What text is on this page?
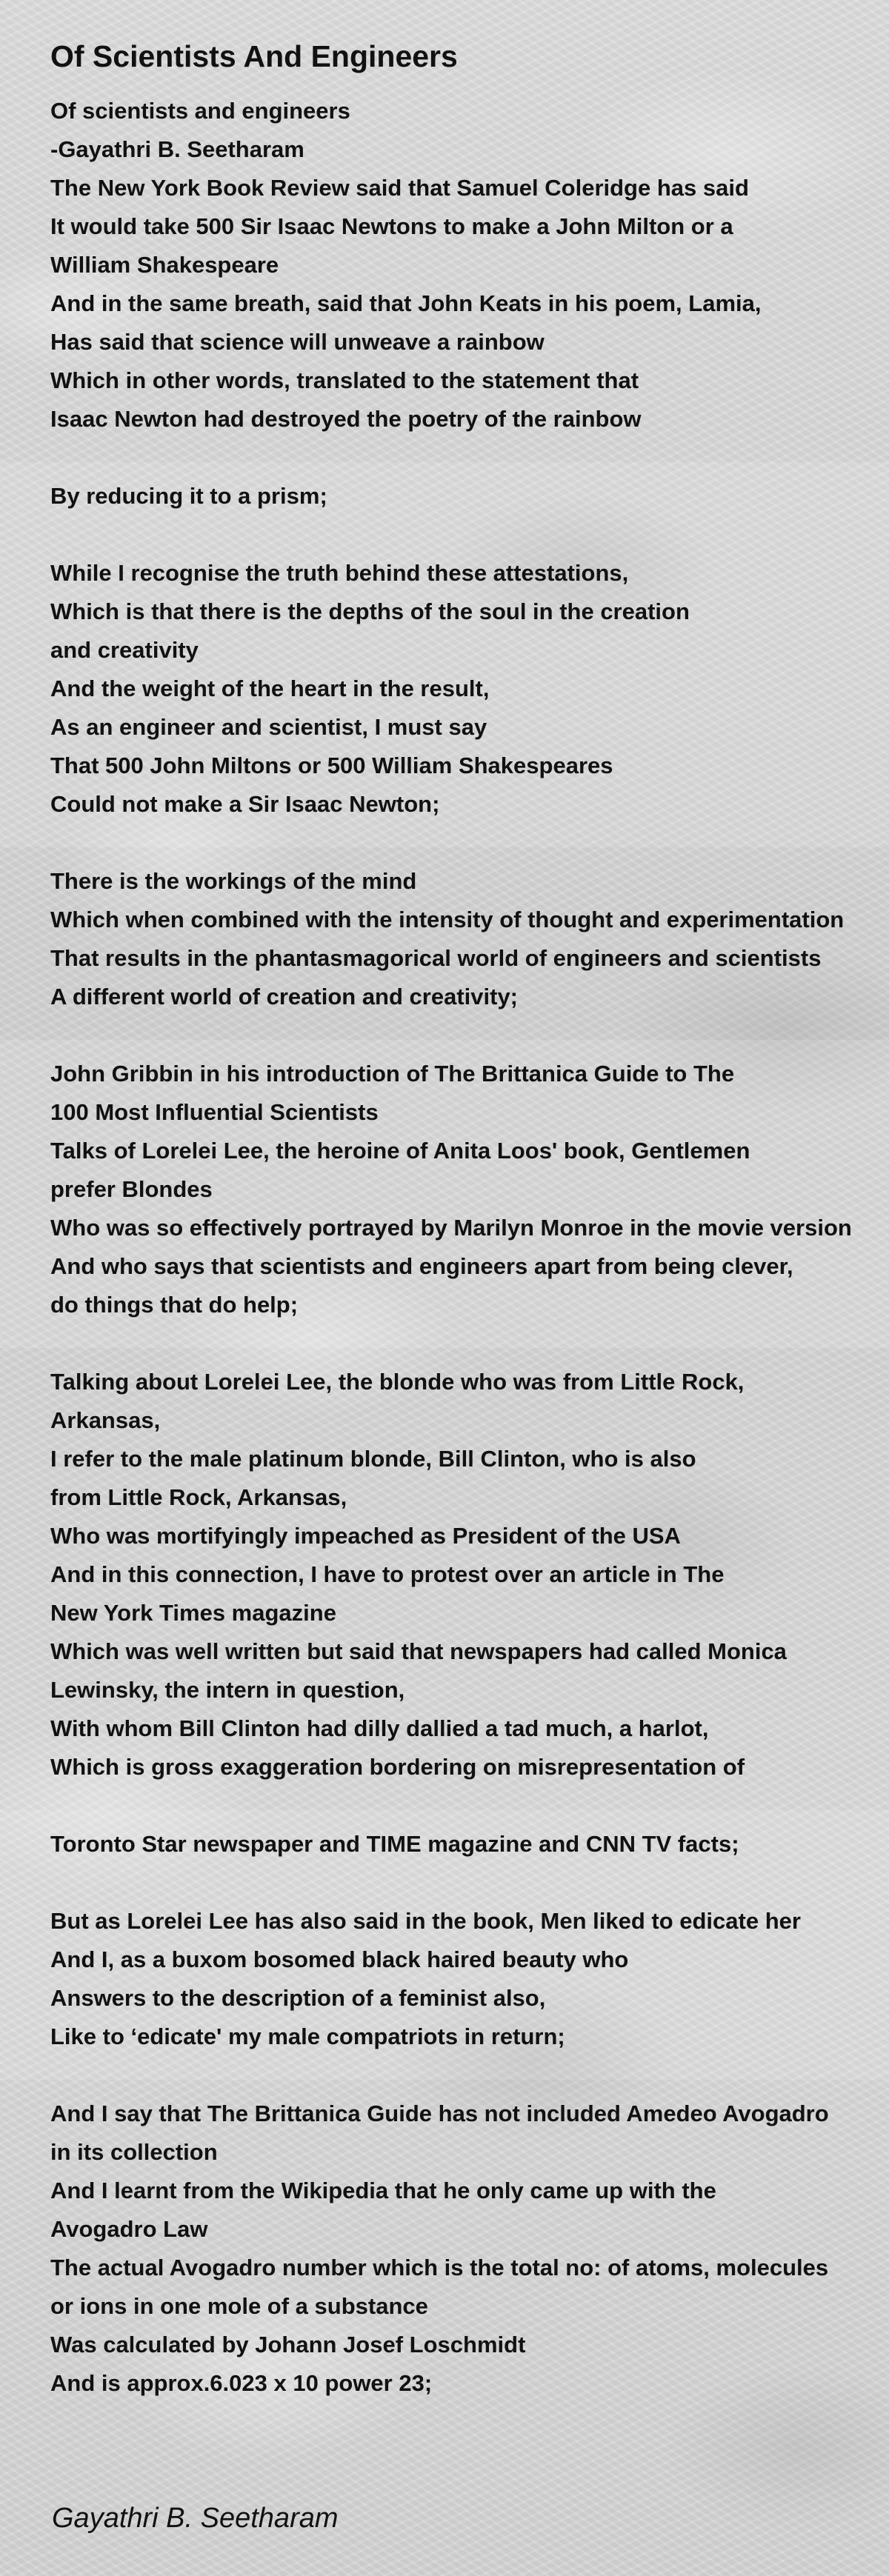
Of Scientists And Engineers
Of scientists and engineers
-Gayathri B. Seetharam
The New York Book Review said that Samuel Coleridge has said
It would take 500 Sir Isaac Newtons to make a John Milton or a
William Shakespeare
And in the same breath, said that John Keats in his poem, Lamia,
Has said that science will unweave a rainbow
Which in other words, translated to the statement that
Isaac Newton had destroyed the poetry of the rainbow
By reducing it to a prism;
While I recognise the truth behind these attestations,
Which is that there is the depths of the soul in the creation
and creativity
And the weight of the heart in the result,
As an engineer and scientist, I must say
That 500 John Miltons or 500 William Shakespeares
Could not make a Sir Isaac Newton;
There is the workings of the mind
Which when combined with the intensity of thought and experimentation
That results in the phantasmagorical world of engineers and scientists
A different world of creation and creativity;
John Gribbin in his introduction of The Brittanica Guide to The
100 Most Influential Scientists
Talks of Lorelei Lee, the heroine of Anita Loos' book, Gentlemen
prefer Blondes
Who was so effectively portrayed by Marilyn Monroe in the movie version
And who says that scientists and engineers apart from being clever,
do things that do help;
Talking about Lorelei Lee, the blonde who was from Little Rock,
Arkansas,
I refer to the male platinum blonde, Bill Clinton, who is also
from Little Rock, Arkansas,
Who was mortifyingly impeached as President of the USA
And in this connection, I have to protest over an article in The
New York Times magazine
Which was well written but said that newspapers had called Monica
Lewinsky, the intern in question,
With whom Bill Clinton had dilly dallied a tad much, a harlot,
Which is gross exaggeration bordering on misrepresentation of
Toronto Star newspaper and TIME magazine and CNN TV facts;
But as Lorelei Lee has also said in the book, Men liked to edicate her
And I, as a buxom bosomed black haired beauty who
Answers to the description of a feminist also,
Like to ‘edicate' my male compatriots in return;
And I say that The Brittanica Guide has not included Amedeo Avogadro
in its collection
And I learnt from the Wikipedia that he only came up with the
Avogadro Law
The actual Avogadro number which is the total no: of atoms, molecules
or ions in one mole of a substance
Was calculated by Johann Josef Loschmidt
And is approx.6.023 x 10 power 23;
Gayathri B. Seetharam
